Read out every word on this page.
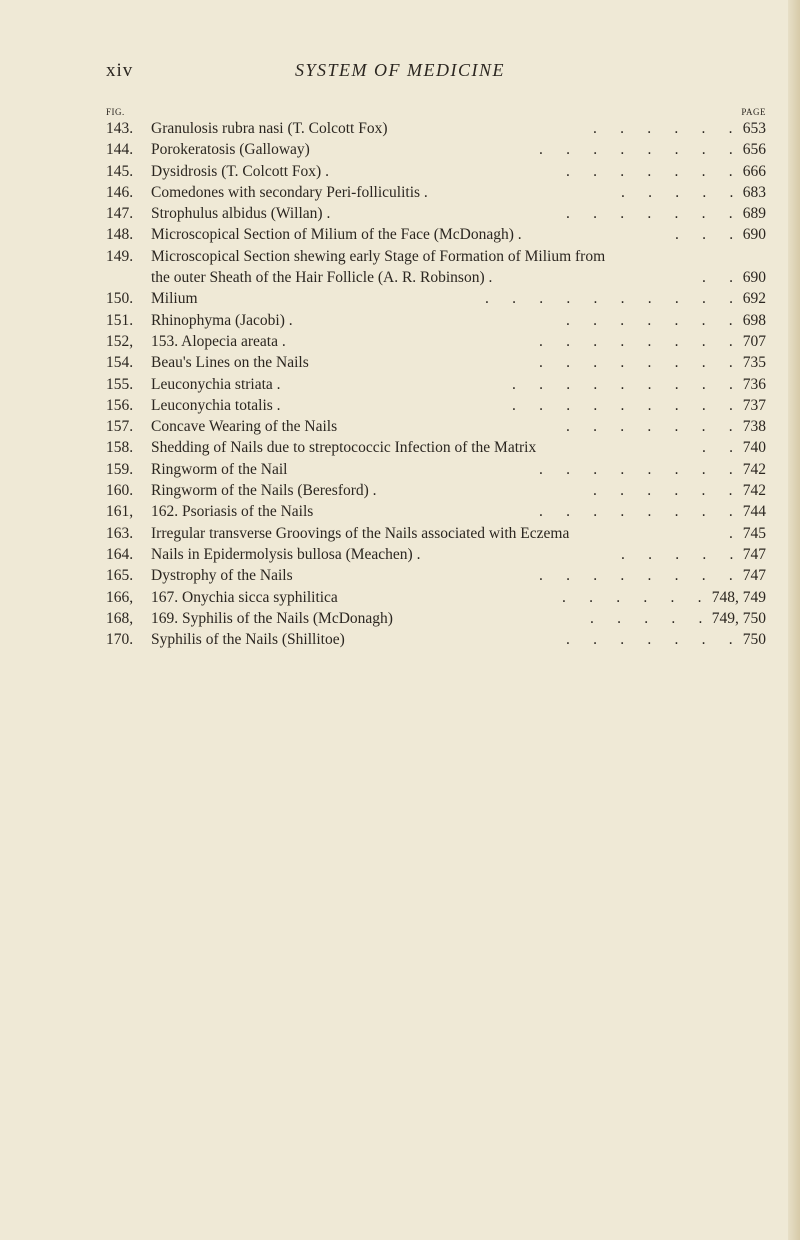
xiv	SYSTEM OF MEDICINE
FIG.	PAGE
143. Granulosis rubra nasi (T. Colcott Fox)	.      .      .      .      .      . 653
144. Porokeratosis (Galloway)	.      .      .      .      .      .      .      . 656
145. Dysidrosis (T. Colcott Fox) .	.      .      .      .      .      .      . 666
146. Comedones with secondary Peri-folliculitis .	.      .      .      .      . 683
147. Strophulus albidus (Willan) .	.      .      .      .      .      .      . 689
148. Microscopical Section of Milium of the Face (McDonagh) .	.      .      . 690
149. Microscopical Section shewing early Stage of Formation of Milium from
the outer Sheath of the Hair Follicle (A. R. Robinson) .	.      . 690
150. Milium	.      .      .      .      .      .      .      .      .      . 692
151. Rhinophyma (Jacobi) .	.      .      .      .      .      .      . 698
152, 153. Alopecia areata .	.      .      .      .      .      .      .      . 707
154. Beau's Lines on the Nails	.      .      .      .      .      .      .      . 735
155. Leuconychia striata .	.      .      .      .      .      .      .      .      . 736
156. Leuconychia totalis .	.      .      .      .      .      .      .      .      . 737
157. Concave Wearing of the Nails	.      .      .      .      .      .      . 738
158. Shedding of Nails due to streptococcic Infection of the Matrix	.      . 740
159. Ringworm of the Nail	.      .      .      .      .      .      .      . 742
160. Ringworm of the Nails (Beresford) .	.      .      .      .      .      . 742
161, 162. Psoriasis of the Nails	.      .      .      .      .      .      .      . 744
163. Irregular transverse Groovings of the Nails associated with Eczema	. 745
164. Nails in Epidermolysis bullosa (Meachen) .	.      .      .      .      . 747
165. Dystrophy of the Nails	.      .      .      .      .      .      .      . 747
166, 167. Onychia sicca syphilitica	.      .      .      .      .      . 748, 749
168, 169. Syphilis of the Nails (McDonagh)	.      .      .      .      . 749, 750
170. Syphilis of the Nails (Shillitoe)	.      .      .      .      .      .      . 750
